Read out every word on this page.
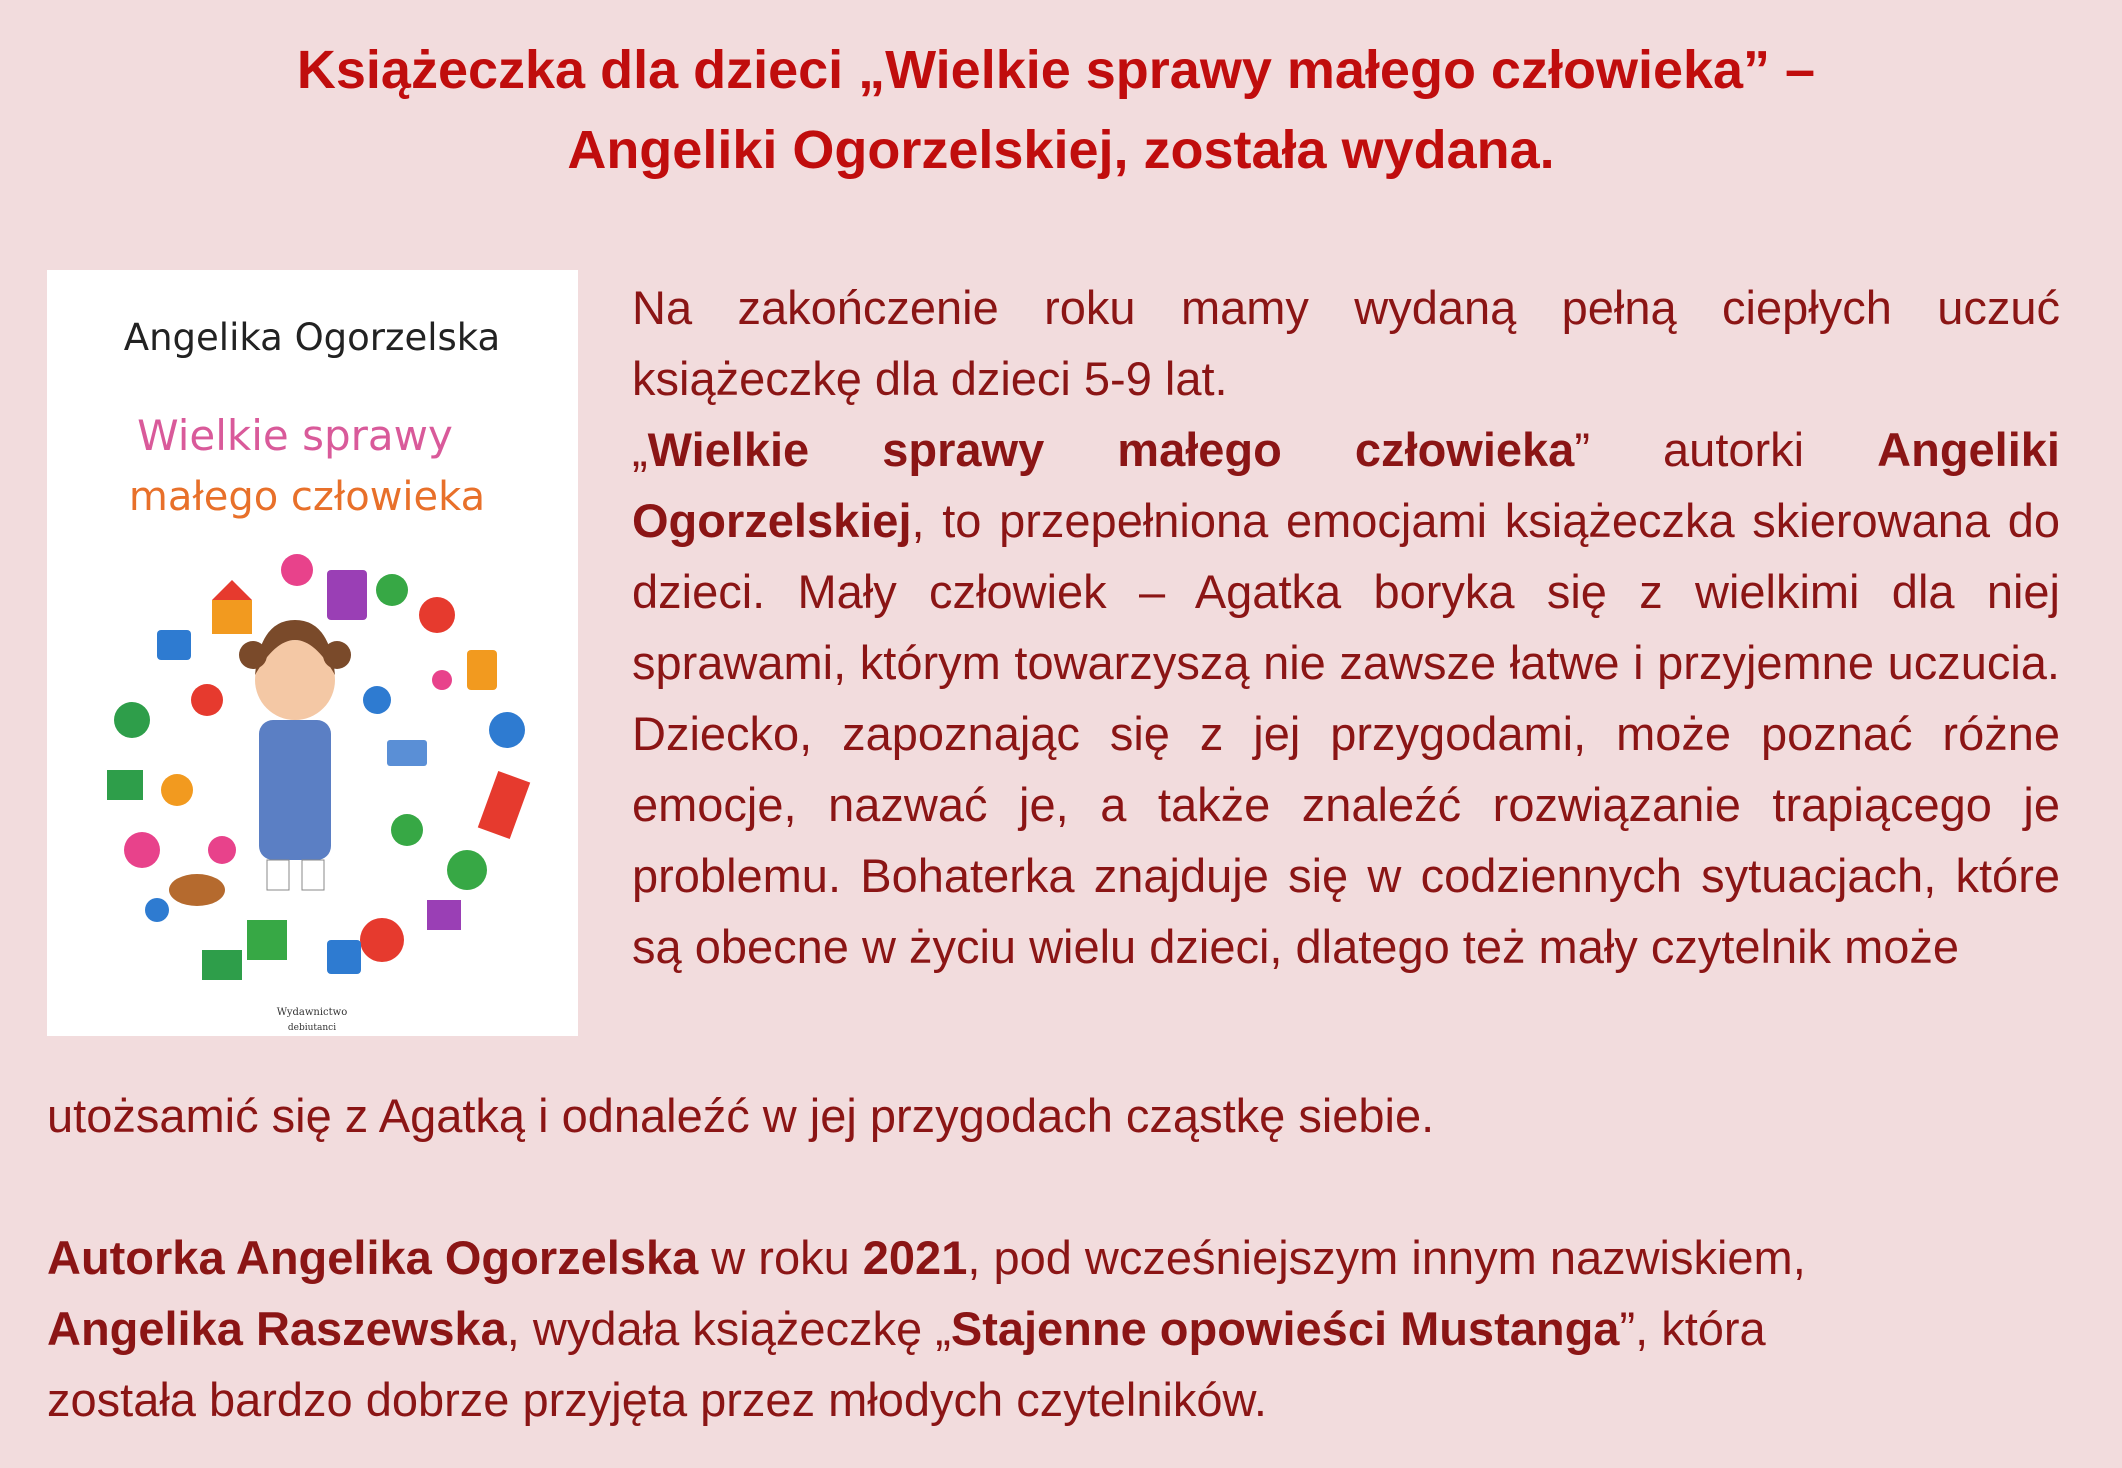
Książeczka dla dzieci „Wielkie sprawy małego człowieka” –
Angeliki Ogorzelskiej, została wydana.
Angelika Ogorzelska
Wielkie sprawy
małego człowieka
Wydawnictwo
debiutanci

Na zakończenie roku mamy wydaną pełną ciepłych uczuć książeczkę dla dzieci 5-9 lat.

„Wielkie sprawy małego człowieka” autorki Angeliki Ogorzelskiej, to przepełniona emocjami książeczka skierowana do dzieci. Mały człowiek – Agatka boryka się z wielkimi dla niej sprawami, którym towarzyszą nie zawsze łatwe i przyjemne uczucia. Dziecko, zapoznając się z jej przygodami, może poznać różne emocje, nazwać je, a także znaleźć rozwiązanie trapiącego je problemu. Bohaterka znajduje się w codziennych sytuacjach, które są obecne w życiu wielu dzieci, dlatego też mały czytelnik może

utożsamić się z Agatką i odnaleźć w jej przygodach cząstkę siebie.
Autorka Angelika Ogorzelska w roku 2021, pod wcześniejszym innym nazwiskiem,
Angelika Raszewska, wydała książeczkę „Stajenne opowieści Mustanga”, która
została bardzo dobrze przyjęta przez młodych czytelników.
